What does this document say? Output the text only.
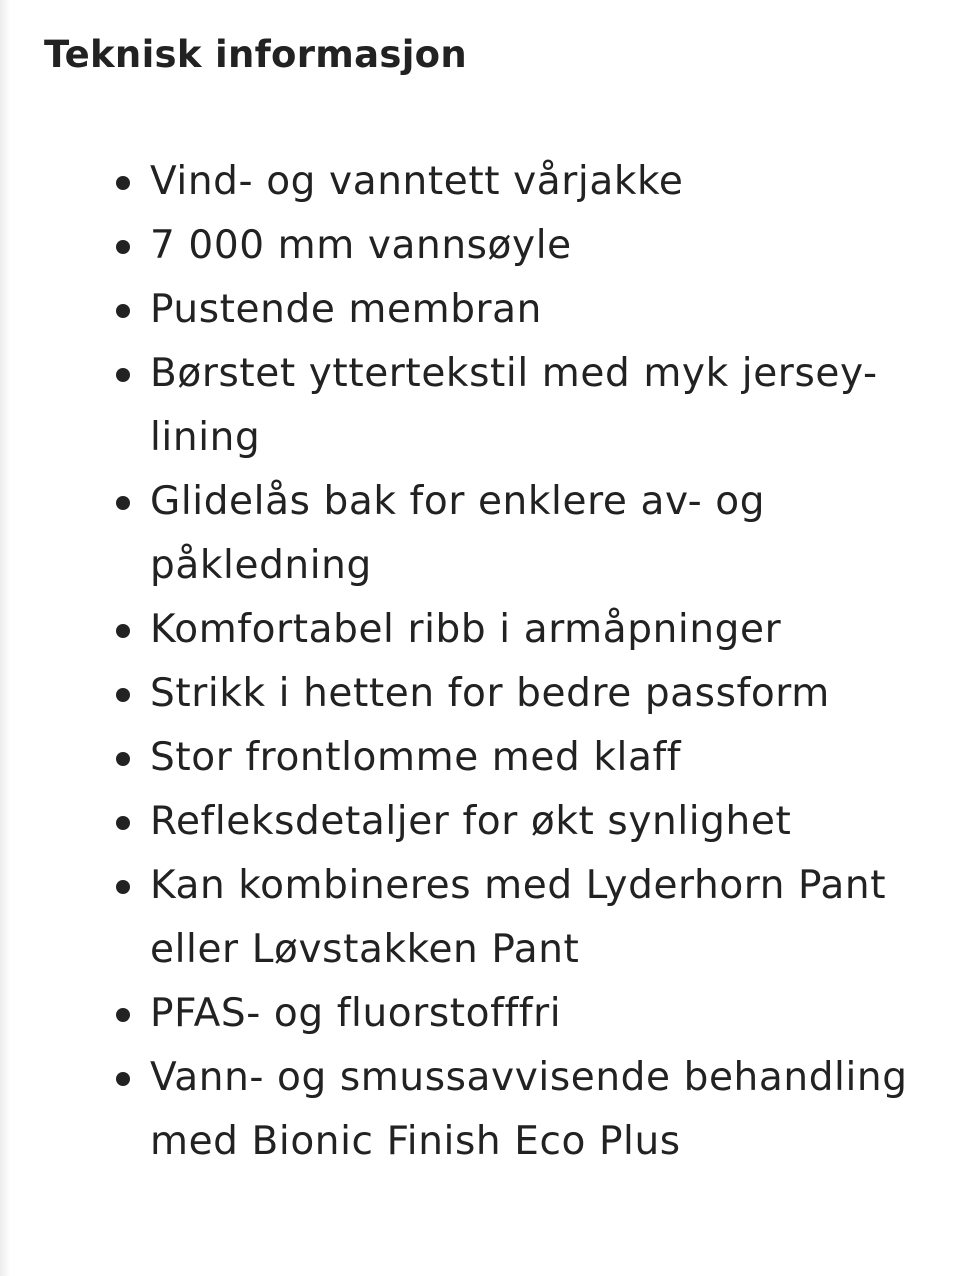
Teknisk informasjon
Vind- og vanntett vårjakke
7 000 mm vannsøyle
Pustende membran
Børstet yttertekstil med myk jersey-lining
Glidelås bak for enklere av- og påkledning
Komfortabel ribb i armåpninger
Strikk i hetten for bedre passform
Stor frontlomme med klaff
Refleksdetaljer for økt synlighet
Kan kombineres med Lyderhorn Pant eller Løvstakken Pant
PFAS- og fluorstofffri
Vann- og smussavvisende behandling med Bionic Finish Eco Plus
